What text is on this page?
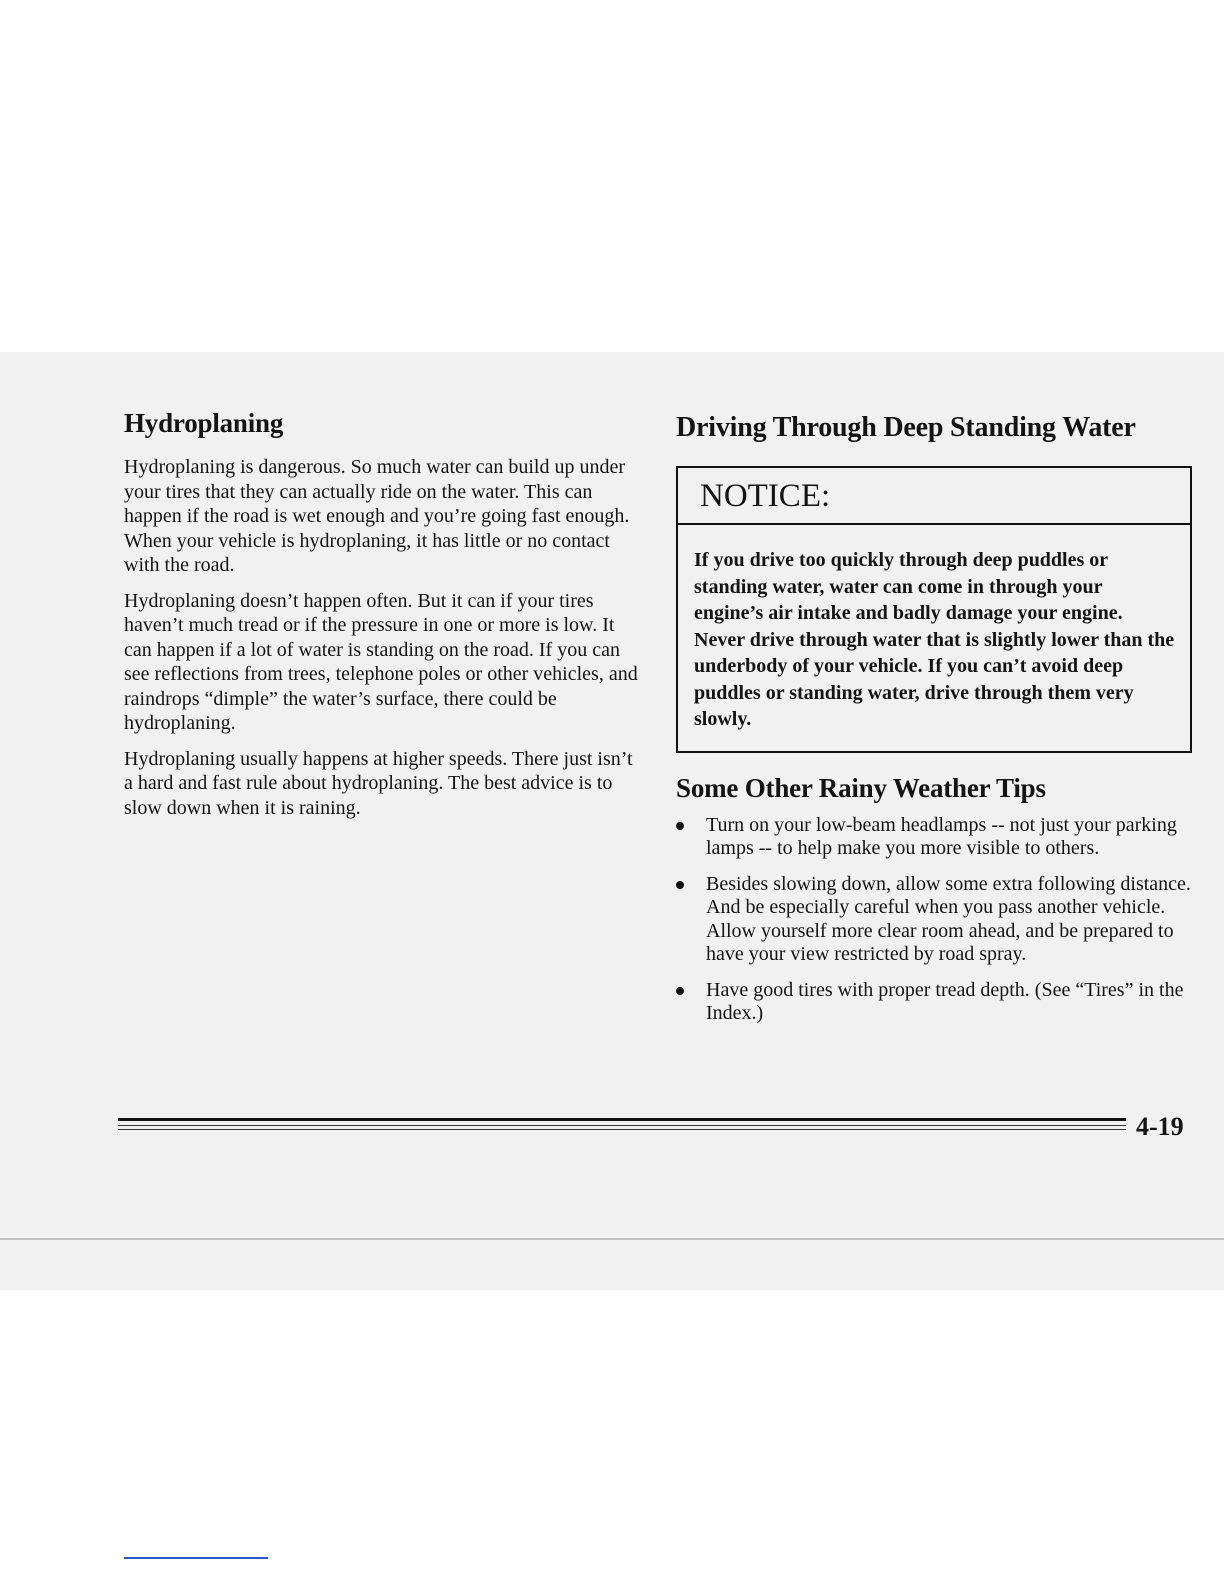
Hydroplaning

Hydroplaning is dangerous. So much water can build up under your tires that they can actually ride on the water. This can happen if the road is wet enough and you’re going fast enough. When your vehicle is hydroplaning, it has little or no contact with the road.

Hydroplaning doesn’t happen often. But it can if your tires haven’t much tread or if the pressure in one or more is low. It can happen if a lot of water is standing on the road. If you can see reflections from trees, telephone poles or other vehicles, and raindrops “dimple” the water’s surface, there could be hydroplaning.

Hydroplaning usually happens at higher speeds. There just isn’t a hard and fast rule about hydroplaning. The best advice is to slow down when it is raining.

Driving Through Deep Standing Water
NOTICE:
If you drive too quickly through deep puddles or standing water, water can come in through your engine’s air intake and badly damage your engine. Never drive through water that is slightly lower than the underbody of your vehicle. If you can’t avoid deep puddles or standing water, drive through them very slowly.
Some Other Rainy Weather Tips
Turn on your low-beam headlamps -- not just your parking lamps -- to help make you more visible to others.
Besides slowing down, allow some extra following distance. And be especially careful when you pass another vehicle. Allow yourself more clear room ahead, and be prepared to have your view restricted by road spray.
Have good tires with proper tread depth. (See “Tires” in the Index.)
4-19
